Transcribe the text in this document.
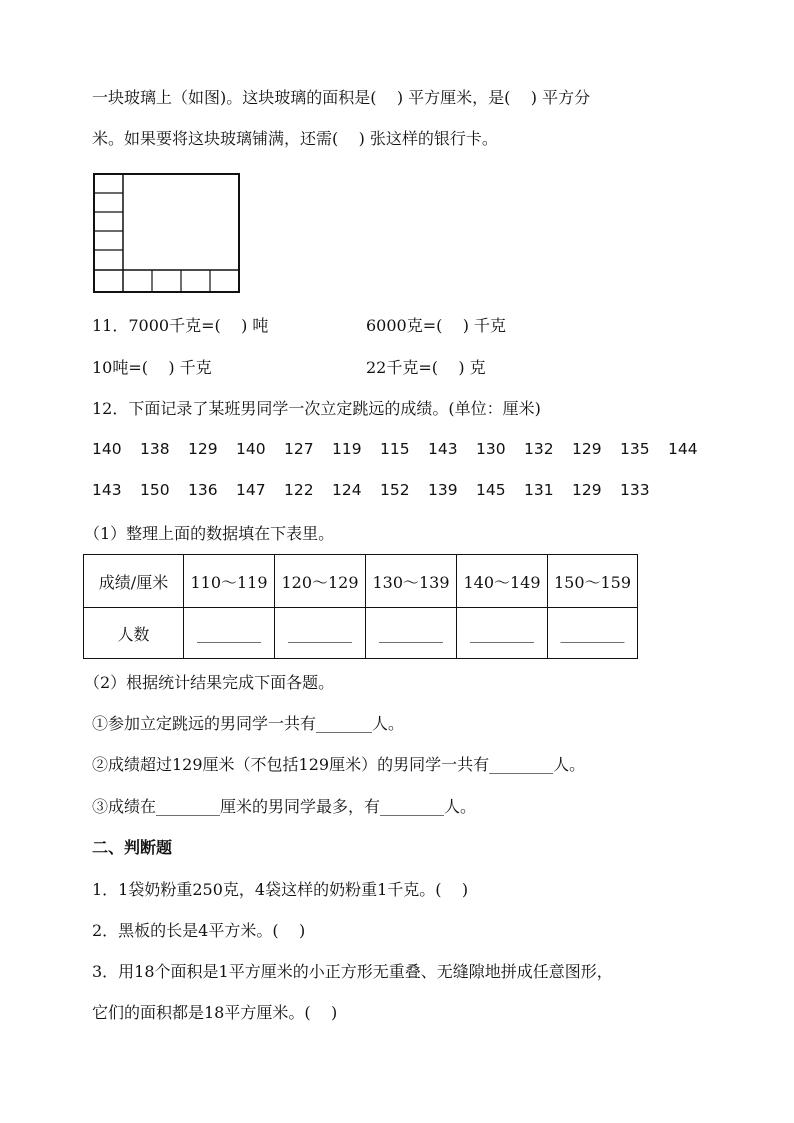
一块玻璃上（如图)。这块玻璃的面积是(    ) 平方厘米，是(    ) 平方分
米。如果要将这块玻璃铺满，还需(    ) 张这样的银行卡。
11．7000千克=(    ) 吨	6000克=(    ) 千克
10吨=(    ) 千克	22千克=(    ) 克
12．下面记录了某班男同学一次立定跳远的成绩。(单位：厘米)
140 138 129 140 127 119 115 143 130 132 129 135 144
143 150 136 147 122 124 152 139 145 131 129 133
（1）整理上面的数据填在下表里。
成绩/厘米	110～119	120～129	130～139	140～149	150～159
人数	________	________	________	________	________
（2）根据统计结果完成下面各题。
①参加立定跳远的男同学一共有_______人。
②成绩超过129厘米（不包括129厘米）的男同学一共有________人。
③成绩在________厘米的男同学最多，有________人。
二、判断题
1．1袋奶粉重250克，4袋这样的奶粉重1千克。(    )
2．黑板的长是4平方米。(    )
3．用18个面积是1平方厘米的小正方形无重叠、无缝隙地拼成任意图形，
它们的面积都是18平方厘米。(    )
